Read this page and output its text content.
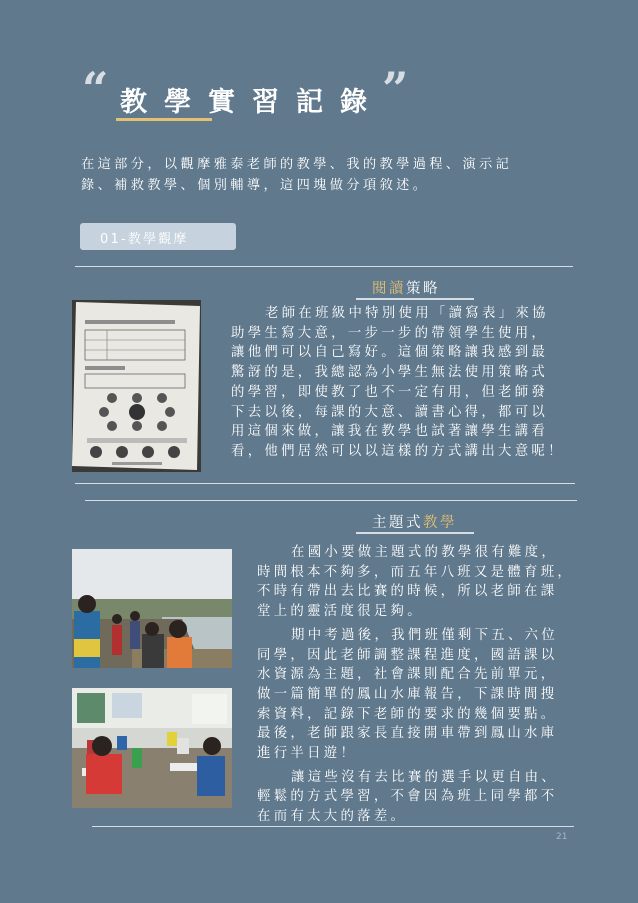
“ 教學實習記錄
”

在這部分，以觀摩雅泰老師的教學、我的教學過程、演示記

錄、補救教學、個別輔導，這四塊做分項敘述。

01-教學觀摩
閱讀策略

老師在班級中特別使用「讀寫表」來協

助學生寫大意，一步一步的帶領學生使用，

讓他們可以自己寫好。這個策略讓我感到最

驚訝的是，我總認為小學生無法使用策略式

的學習，即使教了也不一定有用，但老師發

下去以後，每課的大意、讀書心得，都可以

用這個來做，讓我在教學也試著讓學生講看

看，他們居然可以以這樣的方式講出大意呢！

主題式教學

在國小要做主題式的教學很有難度，
時間根本不夠多，而五年八班又是體育班，
不時有帶出去比賽的時候，所以老師在課
堂上的靈活度很足夠。

期中考過後，我們班僅剩下五、六位
同學，因此老師調整課程進度，國語課以
水資源為主題，社會課則配合先前單元，
做一篇簡單的鳳山水庫報告，下課時間搜
索資料，記錄下老師的要求的幾個要點。
最後，老師跟家長直接開車帶到鳳山水庫
進行半日遊！

讓這些沒有去比賽的選手以更自由、
輕鬆的方式學習，不會因為班上同學都不
在而有太大的落差。

21
